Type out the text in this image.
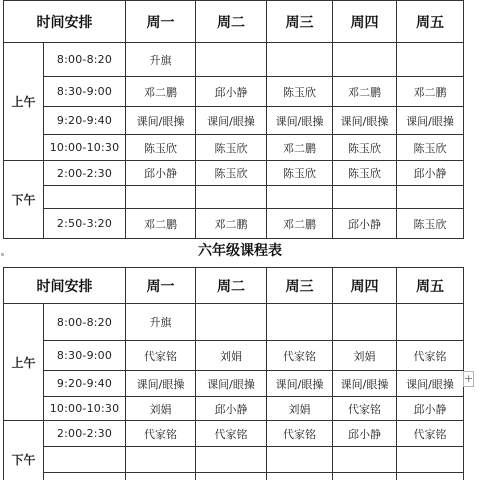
时间安排		周一	周二	周三	周四	周五
上午	8:00-8:20	升旗				
	8:30-9:00	邓二鹏	邱小静	陈玉欣	邓二鹏	邓二鹏
	9:20-9:40	课间/眼操	课间/眼操	课间/眼操	课间/眼操	课间/眼操
	10:00-10:30	陈玉欣	陈玉欣	邓二鹏	陈玉欣	陈玉欣
下午	2:00-2:30	邱小静	陈玉欣	陈玉欣	陈玉欣	邱小静

	2:50-3:20	邓二鹏	邓二鹏	邓二鹏	邱小静	陈玉欣
六年级课程表
时间安排		周一	周二	周三	周四	周五
上午	8:00-8:20	升旗				
	8:30-9:00	代家铭	刘娟	代家铭	刘娟	代家铭
	9:20-9:40	课间/眼操	课间/眼操	课间/眼操	课间/眼操	课间/眼操
	10:00-10:30	刘娟	邱小静	刘娟	代家铭	邱小静
下午	2:00-2:30	代家铭	代家铭	代家铭	邱小静	代家铭

+
